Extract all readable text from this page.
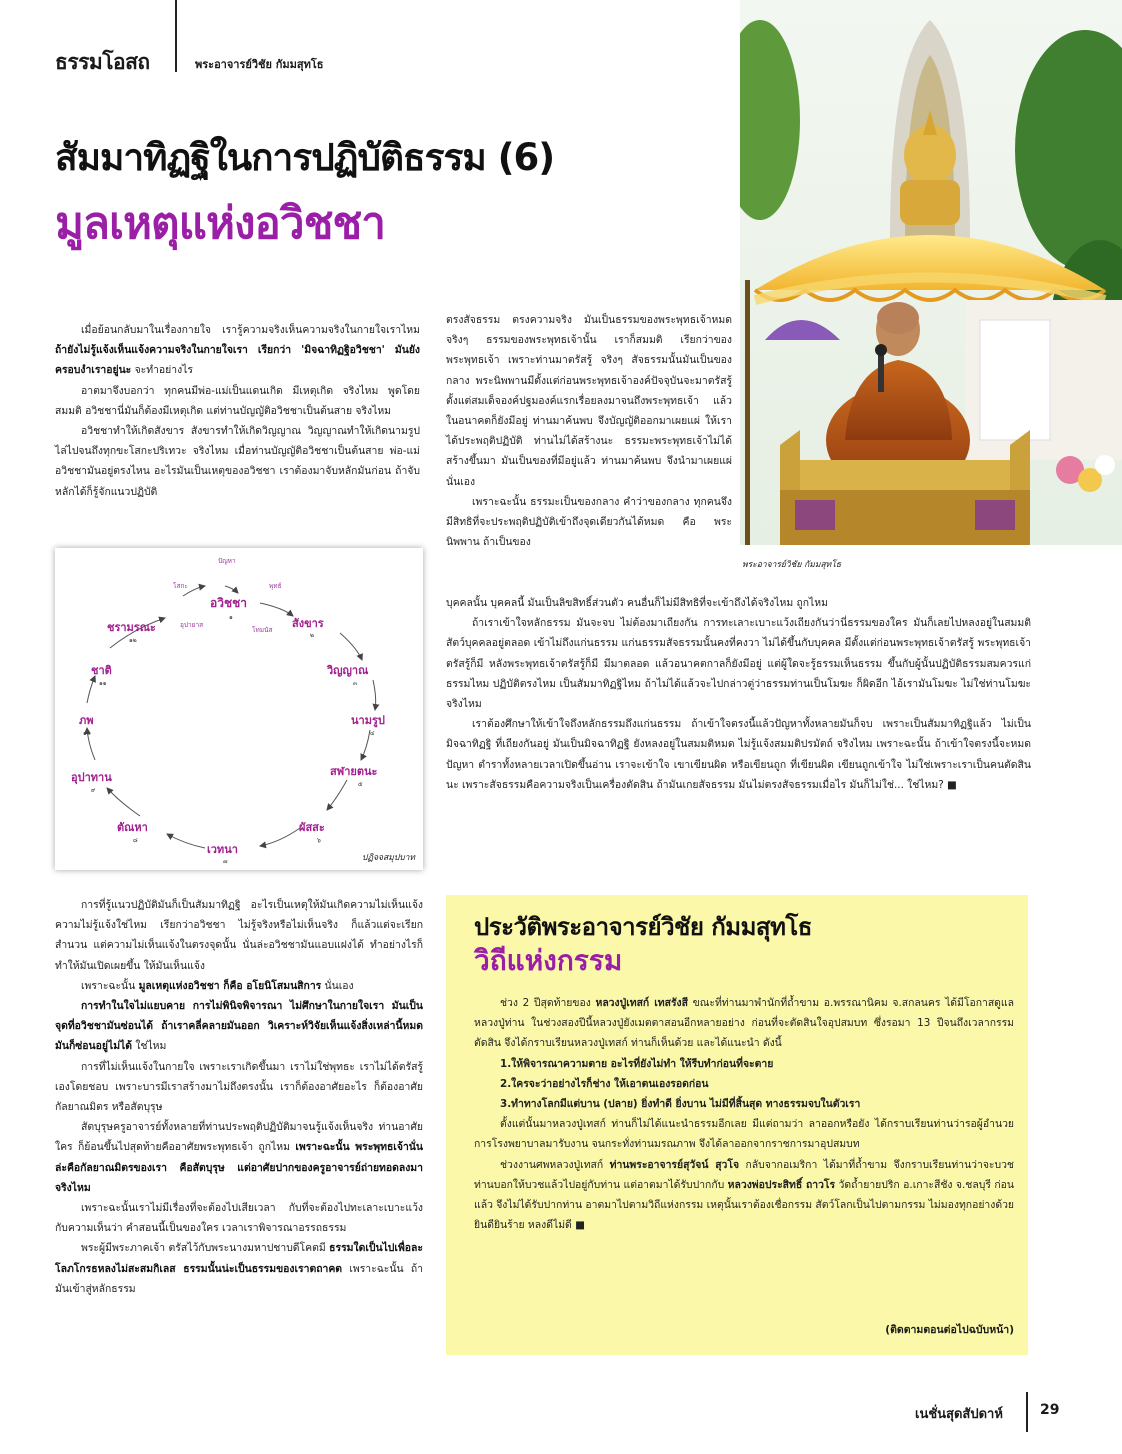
ธรรมโอสถ	พระอาจารย์วิชัย กัมมสุทโธ
สัมมาทิฏฐิในการปฏิบัติธรรม (6)
มูลเหตุแห่งอวิชชา
พระอาจารย์วิชัย กัมมสุทโธ

เมื่อย้อนกลับมาในเรื่องกายใจ เรารู้ความจริงเห็นความจริงในกายใจเราไหม ถ้ายังไม่รู้แจ้งเห็นแจ้งความจริงในกายใจเรา เรียกว่า 'มิจฉาทิฏฐิอวิชชา' มันยังครอบงำเราอยู่นะ จะทำอย่างไร

อาตมาจึงบอกว่า ทุกคนมีพ่อ-แม่เป็นแดนเกิด มีเหตุเกิด จริงไหม พูดโดยสมมติ อวิชชานี่มันก็ต้องมีเหตุเกิด แต่ท่านบัญญัติอวิชชาเป็นต้นสาย จริงไหม

อวิชชาทำให้เกิดสังขาร สังขารทำให้เกิดวิญญาณ วิญญาณทำให้เกิดนามรูป ไล่ไปจนถึงทุกขะโสกะปริเทวะ จริงไหม เมื่อท่านบัญญัติอวิชชาเป็นต้นสาย พ่อ-แม่อวิชชามันอยู่ตรงไหน อะไรมันเป็นเหตุของอวิชชา เราต้องมาจับหลักมันก่อน ถ้าจับหลักได้ก็รู้จักแนวปฏิบัติ

ตรงสัจธรรม ตรงความจริง มันเป็นธรรมของพระพุทธเจ้าหมด จริงๆ ธรรมของพระพุทธเจ้านั้น เราก็สมมติ เรียกว่าของพระพุทธเจ้า เพราะท่านมาตรัสรู้ จริงๆ สัจธรรมนั้นมันเป็นของกลาง พระนิพพานมีตั้งแต่ก่อนพระพุทธเจ้าองค์ปัจจุบันจะมาตรัสรู้ ตั้งแต่สมเด็จองค์ปฐมองค์แรกเรื่อยลงมาจนถึงพระพุทธเจ้า แล้วในอนาคตก็ยังมีอยู่ ท่านมาค้นพบ จึงบัญญัติออกมาเผยแผ่ ให้เราได้ประพฤติปฏิบัติ ท่านไม่ได้สร้างนะ ธรรมะพระพุทธเจ้าไม่ได้สร้างขึ้นมา มันเป็นของที่มีอยู่แล้ว ท่านมาค้นพบ จึงนำมาเผยแผ่นั่นเอง

เพราะฉะนั้น ธรรมะเป็นของกลาง คำว่าของกลาง ทุกคนจึงมีสิทธิที่จะประพฤติปฏิบัติเข้าถึงจุดเดียวกันได้หมด คือ พระนิพพาน ถ้าเป็นของ

บุคคลนั้น บุคคลนี้ มันเป็นลิขสิทธิ์ส่วนตัว คนอื่นก็ไม่มีสิทธิที่จะเข้าถึงได้จริงไหม ถูกไหม

ถ้าเราเข้าใจหลักธรรม มันจะจบ ไม่ต้องมาเถียงกัน การทะเลาะเบาะแว้งเถียงกันว่านี่ธรรมของใคร มันก็เลยไปหลงอยู่ในสมมติสัตว์บุคคลอยู่ตลอด เข้าไม่ถึงแก่นธรรม แก่นธรรมสัจธรรมนั้นคงที่คงวา ไม่ได้ขึ้นกับบุคคล มีตั้งแต่ก่อนพระพุทธเจ้าตรัสรู้ พระพุทธเจ้าตรัสรู้ก็มี หลังพระพุทธเจ้าตรัสรู้ก็มี มีมาตลอด แล้วอนาคตกาลก็ยังมีอยู่ แต่ผู้ใดจะรู้ธรรมเห็นธรรม ขึ้นกับผู้นั้นปฏิบัติธรรมสมควรแก่ธรรมไหม ปฏิบัติตรงไหม เป็นสัมมาทิฏฐิไหม ถ้าไม่ได้แล้วจะไปกล่าวตู่ว่าธรรมท่านเป็นโมฆะ ก็ผิดอีก ไอ้เรามันโมฆะ ไม่ใช่ท่านโมฆะ จริงไหม

เราต้องศึกษาให้เข้าใจถึงหลักธรรมถึงแก่นธรรม ถ้าเข้าใจตรงนี้แล้วปัญหาทั้งหลายมันก็จบ เพราะเป็นสัมมาทิฏฐิแล้ว ไม่เป็นมิจฉาทิฏฐิ ที่เถียงกันอยู่ มันเป็นมิจฉาทิฏฐิ ยังหลงอยู่ในสมมติหมด ไม่รู้แจ้งสมมติปรมัตถ์ จริงไหม เพราะฉะนั้น ถ้าเข้าใจตรงนี้จะหมดปัญหา ตำราทั้งหลายเวลาเปิดขึ้นอ่าน เราจะเข้าใจ เขาเขียนผิด หรือเขียนถูก ที่เขียนผิด เขียนถูกเข้าใจ ไม่ใช่เพราะเราเป็นคนตัดสินนะ เพราะสัจธรรมคือความจริงเป็นเครื่องตัดสิน ถ้ามันเกยสัจธรรม มันไม่ตรงสัจธรรมเมื่อไร มันก็ไม่ใช่... ใช่ไหม? ■

ปัญหา
โสกะ	พุทธ์
อวิชชา
๑
อุปายาส
โทมนัส สังขาร
๒
วิญญาณ
๓
นามรูป
๔
สฬายตนะ
๕
ผัสสะ
๖
เวทนา
๗
ตัณหา
๘
อุปาทาน
๙
ภพ
๑๐
ชาติ
๑๑
ชรามรณะ
๑๒
ปฏิจจสมุปบาท

การที่รู้แนวปฏิบัติมันก็เป็นสัมมาทิฏฐิ อะไรเป็นเหตุให้มันเกิดความไม่เห็นแจ้ง ความไม่รู้แจ้งใช่ไหม เรียกว่าอวิชชา ไม่รู้จริงหรือไม่เห็นจริง ก็แล้วแต่จะเรียกสำนวน แต่ความไม่เห็นแจ้งในตรงจุดนั้น นั่นล่ะอวิชชามันแอบแฝงได้ ทำอย่างไรก็ทำให้มันเปิดเผยขึ้น ให้มันเห็นแจ้ง

เพราะฉะนั้น มูลเหตุแห่งอวิชชา ก็คือ อโยนิโสมนสิการ นั่นเอง

การทำในใจไม่แยบคาย การไม่พินิจพิจารณา ไม่ศึกษาในกายใจเรา มันเป็นจุดที่อวิชชามันซ่อนได้ ถ้าเราคลี่คลายมันออก วิเคราะห์วิจัยเห็นแจ้งสิ่งเหล่านี้หมด มันก็ซ่อนอยู่ไม่ได้ ใช่ไหม

การที่ไม่เห็นแจ้งในกายใจ เพราะเราเกิดขึ้นมา เราไม่ใช่พุทธะ เราไม่ได้ตรัสรู้เองโดยชอบ เพราะบารมีเราสร้างมาไม่ถึงตรงนั้น เราก็ต้องอาศัยอะไร ก็ต้องอาศัยกัลยาณมิตร หรือสัตบุรุษ

สัตบุรุษครูอาจารย์ทั้งหลายที่ท่านประพฤติปฏิบัติมาจนรู้แจ้งเห็นจริง ท่านอาศัยใคร ก็ย้อนขึ้นไปสุดท้ายคืออาศัยพระพุทธเจ้า ถูกไหม เพราะฉะนั้น พระพุทธเจ้านั่นล่ะคือกัลยาณมิตรของเรา คือสัตบุรุษ แต่อาศัยปากของครูอาจารย์ถ่ายทอดลงมา จริงไหม

เพราะฉะนั้นเราไม่มีเรื่องที่จะต้องไปเสียเวลา กับที่จะต้องไปทะเลาะเบาะแว้งกับความเห็นว่า คำสอนนี้เป็นของใคร เวลาเราพิจารณาอรรถธรรม

พระผู้มีพระภาคเจ้า ตรัสไว้กับพระนางมหาปชาบดีโคตมี ธรรมใดเป็นไปเพื่อละโลภโกรธหลงไม่สะสมกิเลส ธรรมนั้นน่ะเป็นธรรมของเราตถาคต เพราะฉะนั้น ถ้ามันเข้าสู่หลักธรรม

ประวัติพระอาจารย์วิชัย กัมมสุทโธ
วิถีแห่งกรรม

ช่วง 2 ปีสุดท้ายของ หลวงปู่เทสก์ เทสรังสี ขณะที่ท่านมาพำนักที่ถ้ำขาม อ.พรรณานิคม จ.สกลนคร ได้มีโอกาสดูแลหลวงปู่ท่าน ในช่วงสองปีนี้หลวงปู่ยังเมตตาสอนอีกหลายอย่าง ก่อนที่จะตัดสินใจอุปสมบท ซึ่งรอมา 13 ปีจนถึงเวลากรรมตัดสิน จึงได้กราบเรียนหลวงปู่เทสก์ ท่านก็เห็นด้วย และได้แนะนำ ดังนี้

1.ให้พิจารณาความตาย อะไรที่ยังไม่ทำ ให้รีบทำก่อนที่จะตาย

2.ใครจะว่าอย่างไรก็ช่าง ให้เอาตนเองรอดก่อน

3.ทำทางโลกมีแต่บาน (ปลาย) ยิ่งทำดี ยิ่งบาน ไม่มีที่สิ้นสุด ทางธรรมจบในตัวเรา

ตั้งแต่นั้นมาหลวงปู่เทสก์ ท่านก็ไม่ได้แนะนำธรรมอีกเลย มีแต่ถามว่า ลาออกหรือยัง ได้กราบเรียนท่านว่ารอผู้อำนวยการโรงพยาบาลมารับงาน จนกระทั่งท่านมรณภาพ จึงได้ลาออกจากราชการมาอุปสมบท

ช่วงงานศพหลวงปู่เทสก์ ท่านพระอาจารย์สุวัจน์ สุวโจ กลับจากอเมริกา ได้มาที่ถ้ำขาม จึงกราบเรียนท่านว่าจะบวช ท่านบอกให้บวชแล้วไปอยู่กับท่าน แต่อาตมาได้รับปากกับ หลวงพ่อประสิทธิ์ ถาวโร วัดถ้ำยายปริก อ.เกาะสีชัง จ.ชลบุรี ก่อนแล้ว จึงไม่ได้รับปากท่าน อาตมาไปตามวิถีแห่งกรรม เหตุนั้นเราต้องเชื่อกรรม สัตว์โลกเป็นไปตามกรรม ไม่มองทุกอย่างด้วยยินดียินร้าย หลงดีไม่ดี ■

(ติดตามตอนต่อไปฉบับหน้า)
เนชั่นสุดสัปดาห์	29
